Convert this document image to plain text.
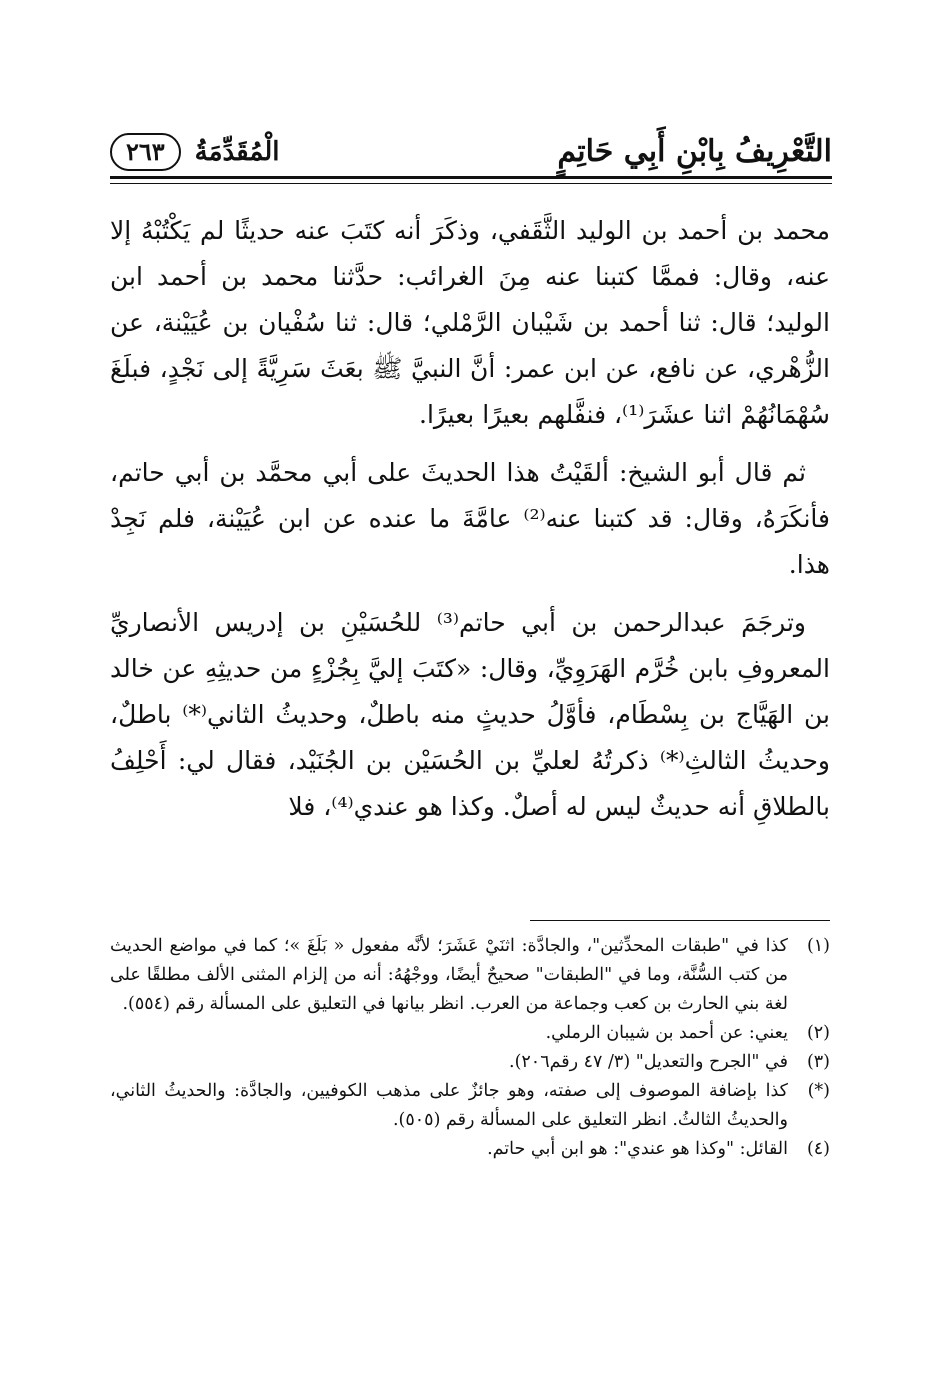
التَّعْرِيفُ بِابْنِ أَبِي حَاتِمٍ
الْمُقَدِّمَةُ
٢٦٣

محمد بن أحمد بن الوليد الثَّقَفي، وذكَرَ أنه كتَبَ عنه حديثًا لم يَكْتُبْهُ إلا عنه، وقال: فممَّا كتبنا عنه مِنَ الغرائب: حدَّثنا محمد بن أحمد ابن الوليد؛ قال: ثنا أحمد بن شَيْبان الرَّمْلي؛ قال: ثنا سُفْيان بن عُيَيْنة، عن الزُّهْري، عن نافع، عن ابن عمر: أنَّ النبيَّ ﷺ بعَثَ سَرِيَّةً إلى نَجْدٍ، فبلَغَ سُهْمَانُهُمْ اثنا عشَرَ⁽¹⁾، فنفَّلهم بعيرًا بعيرًا.

ثم قال أبو الشيخ: ألقَيْتُ هذا الحديثَ على أبي محمَّد بن أبي حاتم، فأنكَرَهُ، وقال: قد كتبنا عنه⁽²⁾ عامَّةَ ما عنده عن ابن عُيَيْنة، فلم نَجِدْ هذا.

وترجَمَ عبدالرحمن بن أبي حاتم⁽³⁾ للحُسَيْنِ بن إدريس الأنصاريِّ المعروفِ بابن خُرَّم الهَرَوِيِّ، وقال: «كتَبَ إليَّ بِجُزْءٍ من حديثِهِ عن خالد بن الهَيَّاج بن بِسْطَام، فأوَّلُ حديثٍ منه باطلٌ، وحديثُ الثاني⁽*⁾ باطلٌ، وحديثُ الثالثِ⁽*⁾ ذكرتُهُ لعليِّ بن الحُسَيْن بن الجُنَيْد، فقال لي: أَحْلِفُ بالطلاقِ أنه حديثٌ ليس له أصلٌ. وكذا هو عندي⁽⁴⁾، فلا

(١)
كذا في "طبقات المحدِّثين"، والجادَّة: اثنَيْ عَشَرَ؛ لأنَّه مفعول « بَلَغَ »؛ كما في مواضع الحديث من كتب السُّنَّة، وما في "الطبقات" صحيحٌ أيضًا، ووجْهُهُ: أنه من إلزام المثنى الألف مطلقًا على لغة بني الحارث بن كعب وجماعة من العرب. انظر بيانها في التعليق على المسألة رقم (٥٥٤).
(٢)
يعني: عن أحمد بن شيبان الرملي.
(٣)
في "الجرح والتعديل" (٣/ ٤٧ رقم٢٠٦).
(*)
كذا بإضافة الموصوف إلى صفته، وهو جائزٌ على مذهب الكوفيين، والجادَّة: والحديثُ الثاني، والحديثُ الثالثُ. انظر التعليق على المسألة رقم (٥٠٥).
(٤)
القائل: "وكذا هو عندي": هو ابن أبي حاتم.
